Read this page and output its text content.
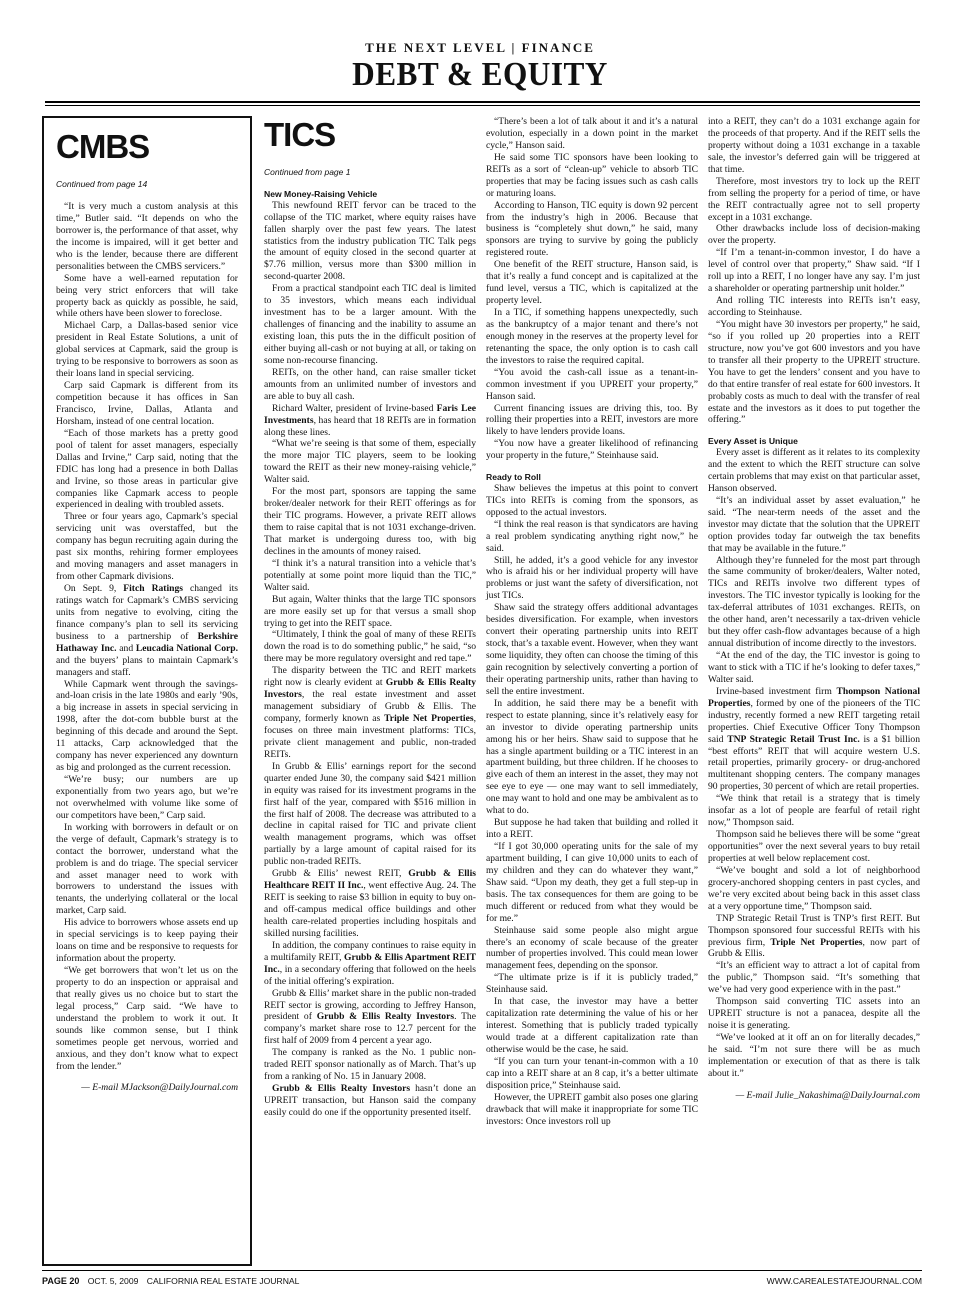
THE NEXT LEVEL | FINANCE
DEBT & EQUITY
CMBS
Continued from page 14

“It is very much a custom analysis at this time,” Butler said. “It depends on who the borrower is, the performance of that asset, why the income is impaired, will it get better and who is the lender, because there are different personalities between the CMBS servicers.”

Some have a well-earned reputation for being very strict enforcers that will take property back as quickly as possible, he said, while others have been slower to foreclose.

Michael Carp, a Dallas-based senior vice president in Real Estate Solutions, a unit of global services at Capmark, said the group is trying to be responsive to borrowers as soon as their loans land in special servicing.

Carp said Capmark is different from its competition because it has offices in San Francisco, Irvine, Dallas, Atlanta and Horsham, instead of one central location.

“Each of those markets has a pretty good pool of talent for asset managers, especially Dallas and Irvine,” Carp said, noting that the FDIC has long had a presence in both Dallas and Irvine, so those areas in particular give companies like Capmark access to people experienced in dealing with troubled assets.

Three or four years ago, Capmark’s special servicing unit was overstaffed, but the company has begun recruiting again during the past six months, rehiring former employees and moving managers and asset managers in from other Capmark divisions.

On Sept. 9, Fitch Ratings changed its ratings watch for Capmark’s CMBS servicing units from negative to evolving, citing the finance company’s plan to sell its servicing business to a partnership of Berkshire Hathaway Inc. and Leucadia National Corp. and the buyers’ plans to maintain Capmark’s managers and staff.

While Capmark went through the savings-and-loan crisis in the late 1980s and early ’90s, a big increase in assets in special servicing in 1998, after the dot-com bubble burst at the beginning of this decade and around the Sept. 11 attacks, Carp acknowledged that the company has never experienced any downturn as big and prolonged as the current recession.

“We’re busy; our numbers are up exponentially from two years ago, but we’re not overwhelmed with volume like some of our competitors have been,” Carp said.

In working with borrowers in default or on the verge of default, Capmark’s strategy is to contact the borrower, understand what the problem is and do triage. The special servicer and asset manager need to work with borrowers to understand the issues with tenants, the underlying collateral or the local market, Carp said.

His advice to borrowers whose assets end up in special servicings is to keep paying their loans on time and be responsive to requests for information about the property.

“We get borrowers that won’t let us on the property to do an inspection or appraisal and that really gives us no choice but to start the legal process,” Carp said. “We have to understand the problem to work it out. It sounds like common sense, but I think sometimes people get nervous, worried and anxious, and they don’t know what to expect from the lender.”

— E-mail MJackson@DailyJournal.com
TICS
Continued from page 1

New Money-Raising Vehicle

This newfound REIT fervor can be traced to the collapse of the TIC market, where equity raises have fallen sharply over the past few years. The latest statistics from the industry publication TIC Talk pegs the amount of equity closed in the second quarter at $7.76 million, versus more than $300 million in second-quarter 2008.

From a practical standpoint each TIC deal is limited to 35 investors, which means each individual investment has to be a larger amount. With the challenges of financing and the inability to assume an existing loan, this puts the in the difficult position of either buying all-cash or not buying at all, or taking on some non-recourse financing.

REITs, on the other hand, can raise smaller ticket amounts from an unlimited number of investors and are able to buy all cash.

Richard Walter, president of Irvine-based Faris Lee Investments, has heard that 18 REITs are in formation along these lines.

“What we’re seeing is that some of them, especially the more major TIC players, seem to be looking toward the REIT as their new money-raising vehicle,” Walter said.

For the most part, sponsors are tapping the same broker/dealer network for their REIT offerings as for their TIC programs. However, a private REIT allows them to raise capital that is not 1031 exchange-driven. That market is undergoing duress too, with big declines in the amounts of money raised.

“I think it’s a natural transition into a vehicle that’s potentially at some point more liquid than the TIC,” Walter said.

But again, Walter thinks that the large TIC sponsors are more easily set up for that versus a small shop trying to get into the REIT space.

“Ultimately, I think the goal of many of these REITs down the road is to do something public,” he said, “so there may be more regulatory oversight and red tape.”

The disparity between the TIC and REIT markets right now is clearly evident at Grubb & Ellis Realty Investors, the real estate investment and asset management subsidiary of Grubb & Ellis. The company, formerly known as Triple Net Properties, focuses on three main investment platforms: TICs, private client management and public, non-traded REITs.

In Grubb & Ellis’ earnings report for the second quarter ended June 30, the company said $421 million in equity was raised for its investment programs in the first half of the year, compared with $516 million in the first half of 2008. The decrease was attributed to a decline in capital raised for TIC and private client wealth management programs, which was offset partially by a large amount of capital raised for its public non-traded REITs.

Grubb & Ellis’ newest REIT, Grubb & Ellis Healthcare REIT II Inc., went effective Aug. 24. The REIT is seeking to raise $3 billion in equity to buy on- and off-campus medical office buildings and other health care-related properties including hospitals and skilled nursing facilities.

In addition, the company continues to raise equity in a multifamily REIT, Grubb & Ellis Apartment REIT Inc., in a secondary offering that followed on the heels of the initial offering’s expiration.

Grubb & Ellis’ market share in the public non-traded REIT sector is growing, according to Jeffrey Hanson, president of Grubb & Ellis Realty Investors. The company’s market share rose to 12.7 percent for the first half of 2009 from 4 percent a year ago.

The company is ranked as the No. 1 public non-traded REIT sponsor nationally as of March. That’s up from a ranking of No. 15 in January 2008.

Grubb & Ellis Realty Investors hasn’t done an UPREIT transaction, but Hanson said the company easily could do one if the opportunity presented itself.

“There’s been a lot of talk about it and it’s a natural evolution, especially in a down point in the market cycle,” Hanson said.

He said some TIC sponsors have been looking to REITs as a sort of “clean-up” vehicle to absorb TIC properties that may be facing issues such as cash calls or maturing loans.

According to Hanson, TIC equity is down 92 percent from the industry’s high in 2006. Because that business is “completely shut down,” he said, many sponsors are trying to survive by going the publicly registered route.

One benefit of the REIT structure, Hanson said, is that it’s really a fund concept and is capitalized at the fund level, versus a TIC, which is capitalized at the property level.

In a TIC, if something happens unexpectedly, such as the bankruptcy of a major tenant and there’s not enough money in the reserves at the property level for retenanting the space, the only option is to cash call the investors to raise the required capital.

“You avoid the cash-call issue as a tenant-in-common investment if you UPREIT your property,” Hanson said.

Current financing issues are driving this, too. By rolling their properties into a REIT, investors are more likely to have lenders provide loans.

“You now have a greater likelihood of refinancing your property in the future,” Steinhause said.

Ready to Roll

Shaw believes the impetus at this point to convert TICs into REITs is coming from the sponsors, as opposed to the actual investors.

“I think the real reason is that syndicators are having a real problem syndicating anything right now,” he said.

Still, he added, it’s a good vehicle for any investor who is afraid his or her individual property will have problems or just want the safety of diversification, not just TICs.

Shaw said the strategy offers additional advantages besides diversification. For example, when investors convert their operating partnership units into REIT stock, that’s a taxable event. However, when they want some liquidity, they often can choose the timing of this gain recognition by selectively converting a portion of their operating partnership units, rather than having to sell the entire investment.

In addition, he said there may be a benefit with respect to estate planning, since it’s relatively easy for an investor to divide operating partnership units among his or her heirs. Shaw said to suppose that he has a single apartment building or a TIC interest in an apartment building, but three children. If he chooses to give each of them an interest in the asset, they may not see eye to eye — one may want to sell immediately, one may want to hold and one may be ambivalent as to what to do.

But suppose he had taken that building and rolled it into a REIT.

“If I got 30,000 operating units for the sale of my apartment building, I can give 10,000 units to each of my children and they can do whatever they want,” Shaw said. “Upon my death, they get a full step-up in basis. The tax consequences for them are going to be much different or reduced from what they would be for me.”

Steinhause said some people also might argue there’s an economy of scale because of the greater number of properties involved. This could mean lower management fees, depending on the sponsor.

“The ultimate prize is if it is publicly traded,” Steinhause said.

In that case, the investor may have a better capitalization rate determining the value of his or her interest. Something that is publicly traded typically would trade at a different capitalization rate than otherwise would be the case, he said.

“If you can turn your tenant-in-common with a 10 cap into a REIT share at an 8 cap, it’s a better ultimate disposition price,” Steinhause said.

However, the UPREIT gambit also poses one glaring drawback that will make it inappropriate for some TIC investors: Once investors roll up

into a REIT, they can’t do a 1031 exchange again for the proceeds of that property. And if the REIT sells the property without doing a 1031 exchange in a taxable sale, the investor’s deferred gain will be triggered at that time.

Therefore, most investors try to lock up the REIT from selling the property for a period of time, or have the REIT contractually agree not to sell property except in a 1031 exchange.

Other drawbacks include loss of decision-making over the property.

“If I’m a tenant-in-common investor, I do have a level of control over that property,” Shaw said. “If I roll up into a REIT, I no longer have any say. I’m just a shareholder or operating partnership unit holder.”

And rolling TIC interests into REITs isn’t easy, according to Steinhause.

“You might have 30 investors per property,” he said, “so if you rolled up 20 properties into a REIT structure, now you’ve got 600 investors and you have to transfer all their property to the UPREIT structure. You have to get the lenders’ consent and you have to do that entire transfer of real estate for 600 investors. It probably costs as much to deal with the transfer of real estate and the investors as it does to put together the offering.”

Every Asset is Unique

Every asset is different as it relates to its complexity and the extent to which the REIT structure can solve certain problems that may exist on that particular asset, Hanson observed.

“It’s an individual asset by asset evaluation,” he said. “The near-term needs of the asset and the investor may dictate that the solution that the UPREIT option provides today far outweigh the tax benefits that may be available in the future.”

Although they’re funneled for the most part through the same community of broker/dealers, Walter noted, TICs and REITs involve two different types of investors. The TIC investor typically is looking for the tax-deferral attributes of 1031 exchanges. REITs, on the other hand, aren’t necessarily a tax-driven vehicle but they offer cash-flow advantages because of a high annual distribution of income directly to the investors.

“At the end of the day, the TIC investor is going to want to stick with a TIC if he’s looking to defer taxes,” Walter said.

Irvine-based investment firm Thompson National Properties, formed by one of the pioneers of the TIC industry, recently formed a new REIT targeting retail properties. Chief Executive Officer Tony Thompson said TNP Strategic Retail Trust Inc. is a $1 billion “best efforts” REIT that will acquire western U.S. retail properties, primarily grocery- or drug-anchored multitenant shopping centers. The company manages 90 properties, 30 percent of which are retail properties.

“We think that retail is a strategy that is timely insofar as a lot of people are fearful of retail right now,” Thompson said.

Thompson said he believes there will be some “great opportunities” over the next several years to buy retail properties at well below replacement cost.

“We’ve bought and sold a lot of neighborhood grocery-anchored shopping centers in past cycles, and we’re very excited about being back in this asset class at a very opportune time,” Thompson said.

TNP Strategic Retail Trust is TNP’s first REIT. But Thompson sponsored four successful REITs with his previous firm, Triple Net Properties, now part of Grubb & Ellis.

“It’s an efficient way to attract a lot of capital from the public,” Thompson said. “It’s something that we’ve had very good experience with in the past.”

Thompson said converting TIC assets into an UPREIT structure is not a panacea, despite all the noise it is generating.

“We’ve looked at it off an on for literally decades,” he said. “I’m not sure there will be as much implementation or execution of that as there is talk about it.”

— E-mail Julie_Nakashima@DailyJournal.com
PAGE 20 OCT. 5, 2009 CALIFORNIA REAL ESTATE JOURNAL	WWW.CAREALESTATEJOURNAL.COM
